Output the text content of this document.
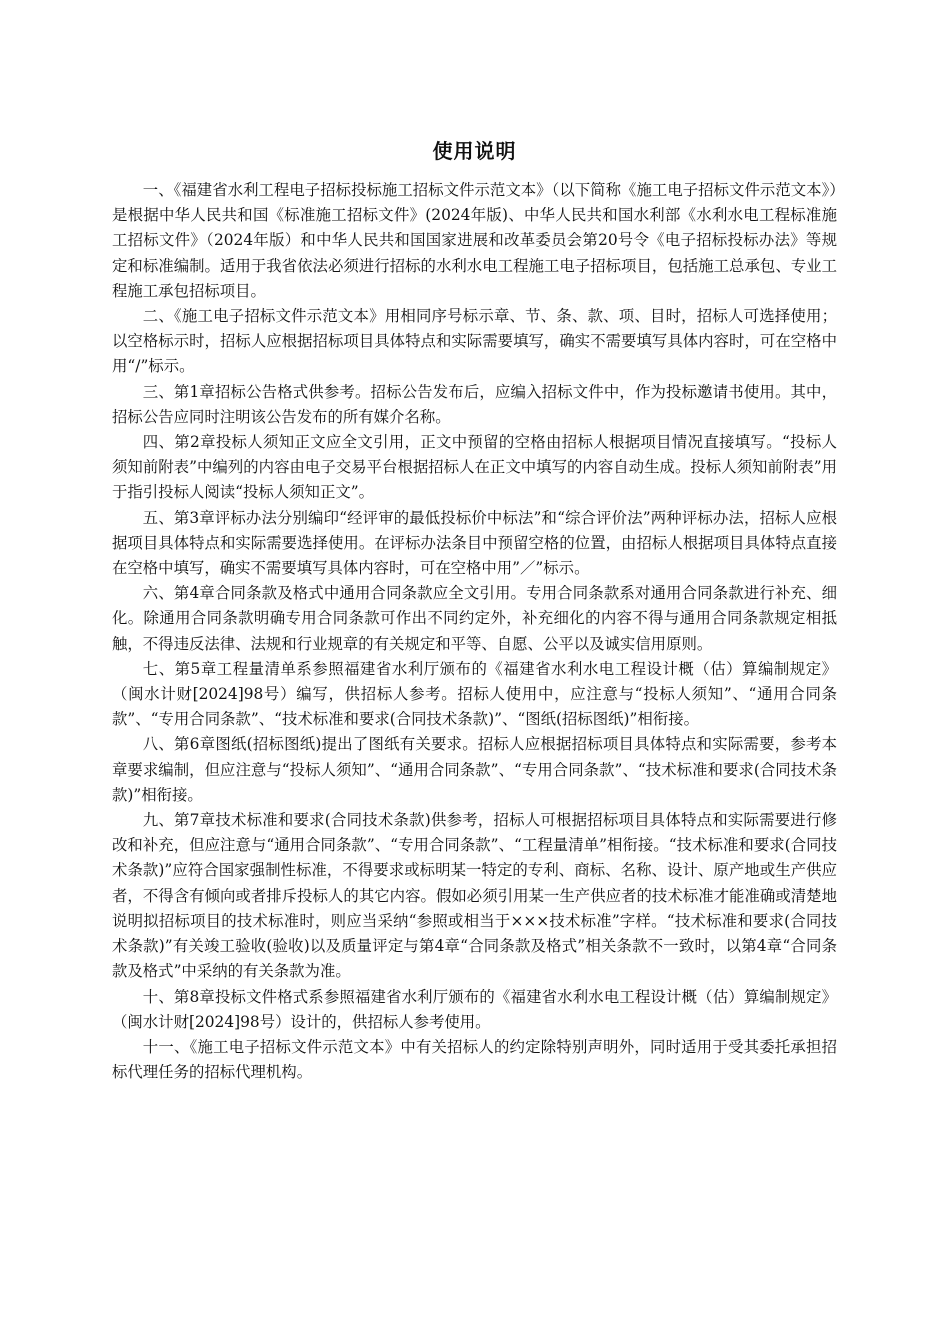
使用说明

一、《福建省水利工程电子招标投标施工招标文件示范文本》（以下简称《施工电子招标文件示范文本》）是根据中华人民共和国《标准施工招标文件》(2024年版)、中华人民共和国水利部《水利水电工程标准施工招标文件》（2024年版）和中华人民共和国国家进展和改革委员会第20号令《电子招标投标办法》等规定和标准编制。适用于我省依法必须进行招标的水利水电工程施工电子招标项目，包括施工总承包、专业工程施工承包招标项目。

二、《施工电子招标文件示范文本》用相同序号标示章、节、条、款、项、目时，招标人可选择使用；以空格标示时，招标人应根据招标项目具体特点和实际需要填写，确实不需要填写具体内容时，可在空格中用“/”标示。

三、第1章招标公告格式供参考。招标公告发布后，应编入招标文件中，作为投标邀请书使用。其中，招标公告应同时注明该公告发布的所有媒介名称。

四、第2章投标人须知正文应全文引用，正文中预留的空格由招标人根据项目情况直接填写。“投标人须知前附表”中编列的内容由电子交易平台根据招标人在正文中填写的内容自动生成。投标人须知前附表”用于指引投标人阅读“投标人须知正文”。

五、第3章评标办法分别编印“经评审的最低投标价中标法”和“综合评价法”两种评标办法，招标人应根据项目具体特点和实际需要选择使用。在评标办法条目中预留空格的位置，由招标人根据项目具体特点直接在空格中填写，确实不需要填写具体内容时，可在空格中用”／”标示。

六、第4章合同条款及格式中通用合同条款应全文引用。专用合同条款系对通用合同条款进行补充、细化。除通用合同条款明确专用合同条款可作出不同约定外，补充细化的内容不得与通用合同条款规定相抵触，不得违反法律、法规和行业规章的有关规定和平等、自愿、公平以及诚实信用原则。

七、第5章工程量清单系参照福建省水利厅颁布的《福建省水利水电工程设计概（估）算编制规定》（闽水计财[2024]98号）编写，供招标人参考。招标人使用中，应注意与“投标人须知”、“通用合同条款”、“专用合同条款”、“技术标准和要求(合同技术条款)”、“图纸(招标图纸)”相衔接。

八、第6章图纸(招标图纸)提出了图纸有关要求。招标人应根据招标项目具体特点和实际需要，参考本章要求编制，但应注意与“投标人须知”、“通用合同条款”、“专用合同条款”、“技术标准和要求(合同技术条款)”相衔接。

九、第7章技术标准和要求(合同技术条款)供参考，招标人可根据招标项目具体特点和实际需要进行修改和补充，但应注意与“通用合同条款”、“专用合同条款”、“工程量清单”相衔接。“技术标准和要求(合同技术条款)”应符合国家强制性标准，不得要求或标明某一特定的专利、商标、名称、设计、原产地或生产供应者，不得含有倾向或者排斥投标人的其它内容。假如必须引用某一生产供应者的技术标准才能准确或清楚地说明拟招标项目的技术标准时，则应当采纳“参照或相当于×××技术标准”字样。“技术标准和要求(合同技术条款)”有关竣工验收(验收)以及质量评定与第4章“合同条款及格式”相关条款不一致时，以第4章“合同条款及格式”中采纳的有关条款为准。

十、第8章投标文件格式系参照福建省水利厅颁布的《福建省水利水电工程设计概（估）算编制规定》（闽水计财[2024]98号）设计的，供招标人参考使用。

十一、《施工电子招标文件示范文本》中有关招标人的约定除特别声明外，同时适用于受其委托承担招标代理任务的招标代理机构。
